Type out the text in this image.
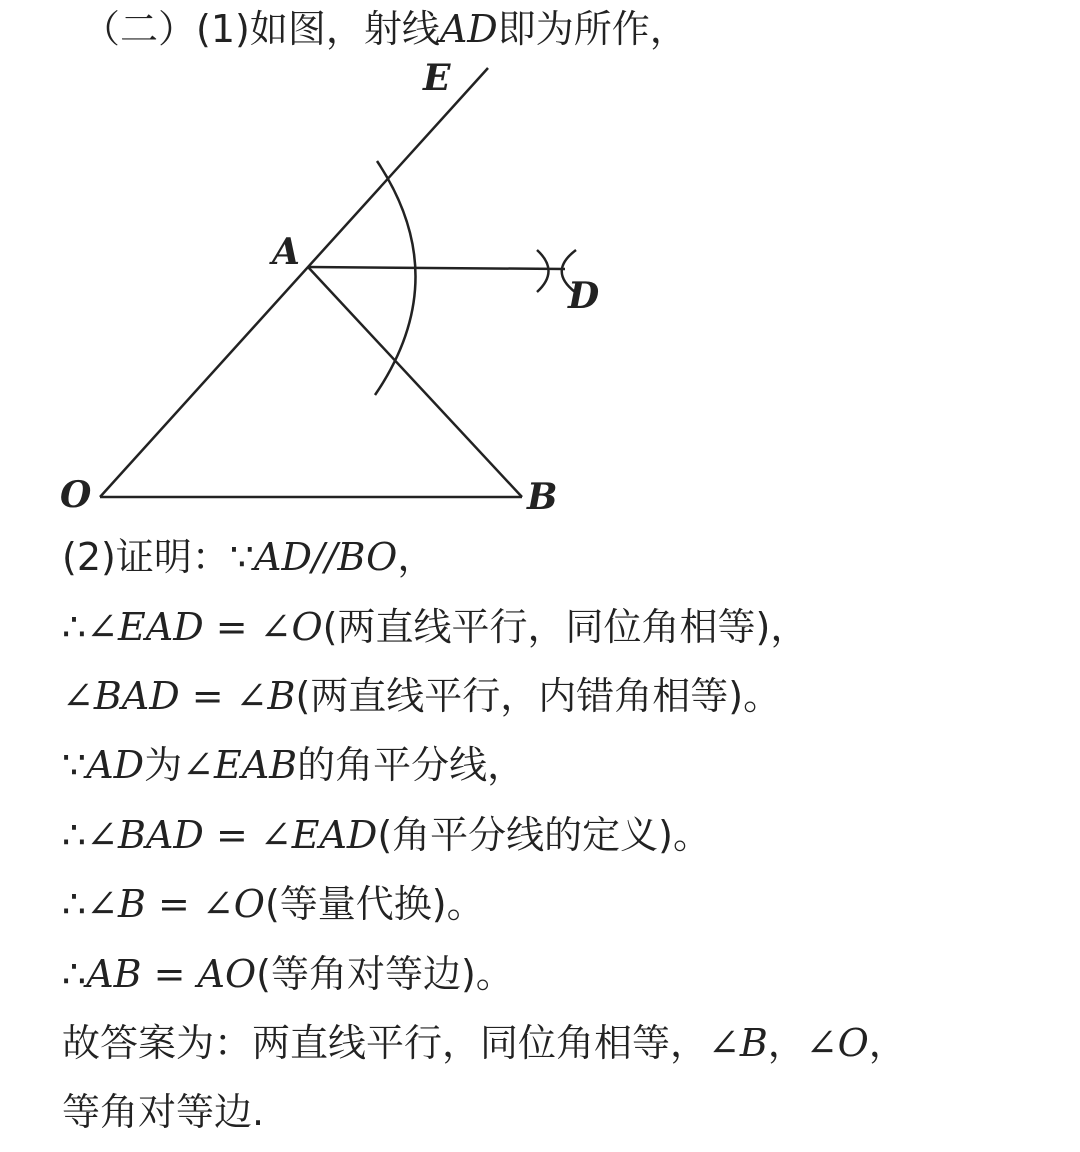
（二）(1)如图，射线AD即为所作，
E
A
D
O	B
(2)证明：∵AD//BO，
∴∠EAD = ∠O(两直线平行，同位角相等)，
∠BAD = ∠B(两直线平行，内错角相等)。
∵AD为∠EAB的角平分线，
∴∠BAD = ∠EAD(角平分线的定义)。
∴∠B = ∠O(等量代换)。
∴AB = AO(等角对等边)。
故答案为：两直线平行，同位角相等，∠B，∠O，
等角对等边.
